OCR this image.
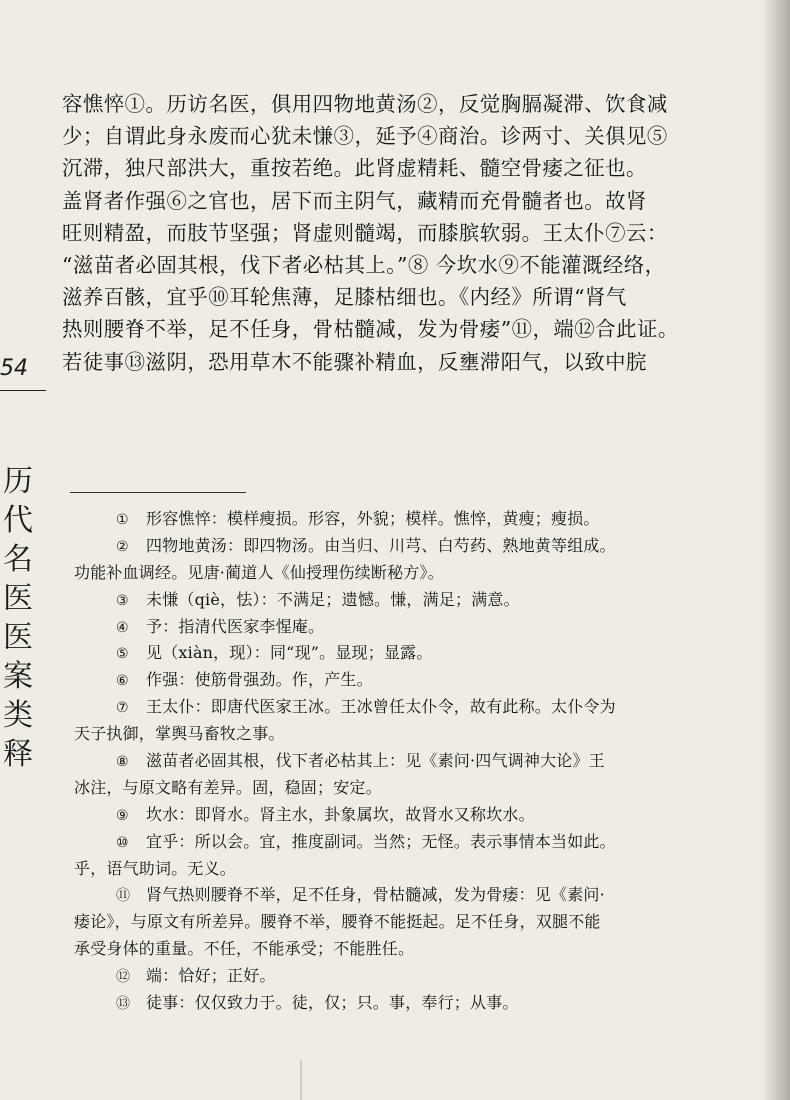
容憔悴①。历访名医，俱用四物地黄汤②，反觉胸膈凝滞、饮食减
少；自谓此身永废而心犹未慊③，延予④商治。诊两寸、关俱见⑤
沉滞，独尺部洪大，重按若绝。此肾虚精耗、髓空骨痿之征也。
盖肾者作强⑥之官也，居下而主阴气，藏精而充骨髓者也。故肾
旺则精盈，而肢节坚强；肾虚则髓竭，而膝膑软弱。王太仆⑦云：
“滋苗者必固其根，伐下者必枯其上。”⑧ 今坎水⑨不能灌溉经络，
滋养百骸，宜乎⑩耳轮焦薄，足膝枯细也。《内经》所谓“肾气
热则腰脊不举，足不任身，骨枯髓减，发为骨痿”⑪，端⑫合此证。
若徒事⑬滋阴，恐用草木不能骤补精血，反壅滞阳气，以致中脘
54
历
代
名
医
医
案
类
释
① 形容憔悴：模样瘦损。形容，外貌；模样。憔悴，黄瘦；瘦损。
② 四物地黄汤：即四物汤。由当归、川芎、白芍药、熟地黄等组成。
功能补血调经。见唐·蔺道人《仙授理伤续断秘方》。
③ 未慊（qiè，怯）：不满足；遗憾。慊，满足；满意。
④ 予：指清代医家李惺庵。
⑤ 见（xiàn，现）：同“现”。显现；显露。
⑥ 作强：使筋骨强劲。作，产生。
⑦ 王太仆：即唐代医家王冰。王冰曾任太仆令，故有此称。太仆令为
天子执御，掌舆马畜牧之事。
⑧ 滋苗者必固其根，伐下者必枯其上：见《素问·四气调神大论》王
冰注，与原文略有差异。固，稳固；安定。
⑨ 坎水：即肾水。肾主水，卦象属坎，故肾水又称坎水。
⑩ 宜乎：所以会。宜，推度副词。当然；无怪。表示事情本当如此。
乎，语气助词。无义。
⑪ 肾气热则腰脊不举，足不任身，骨枯髓减，发为骨痿：见《素问·
痿论》，与原文有所差异。腰脊不举，腰脊不能挺起。足不任身，双腿不能
承受身体的重量。不任，不能承受；不能胜任。
⑫ 端：恰好；正好。
⑬ 徒事：仅仅致力于。徒，仅；只。事，奉行；从事。
